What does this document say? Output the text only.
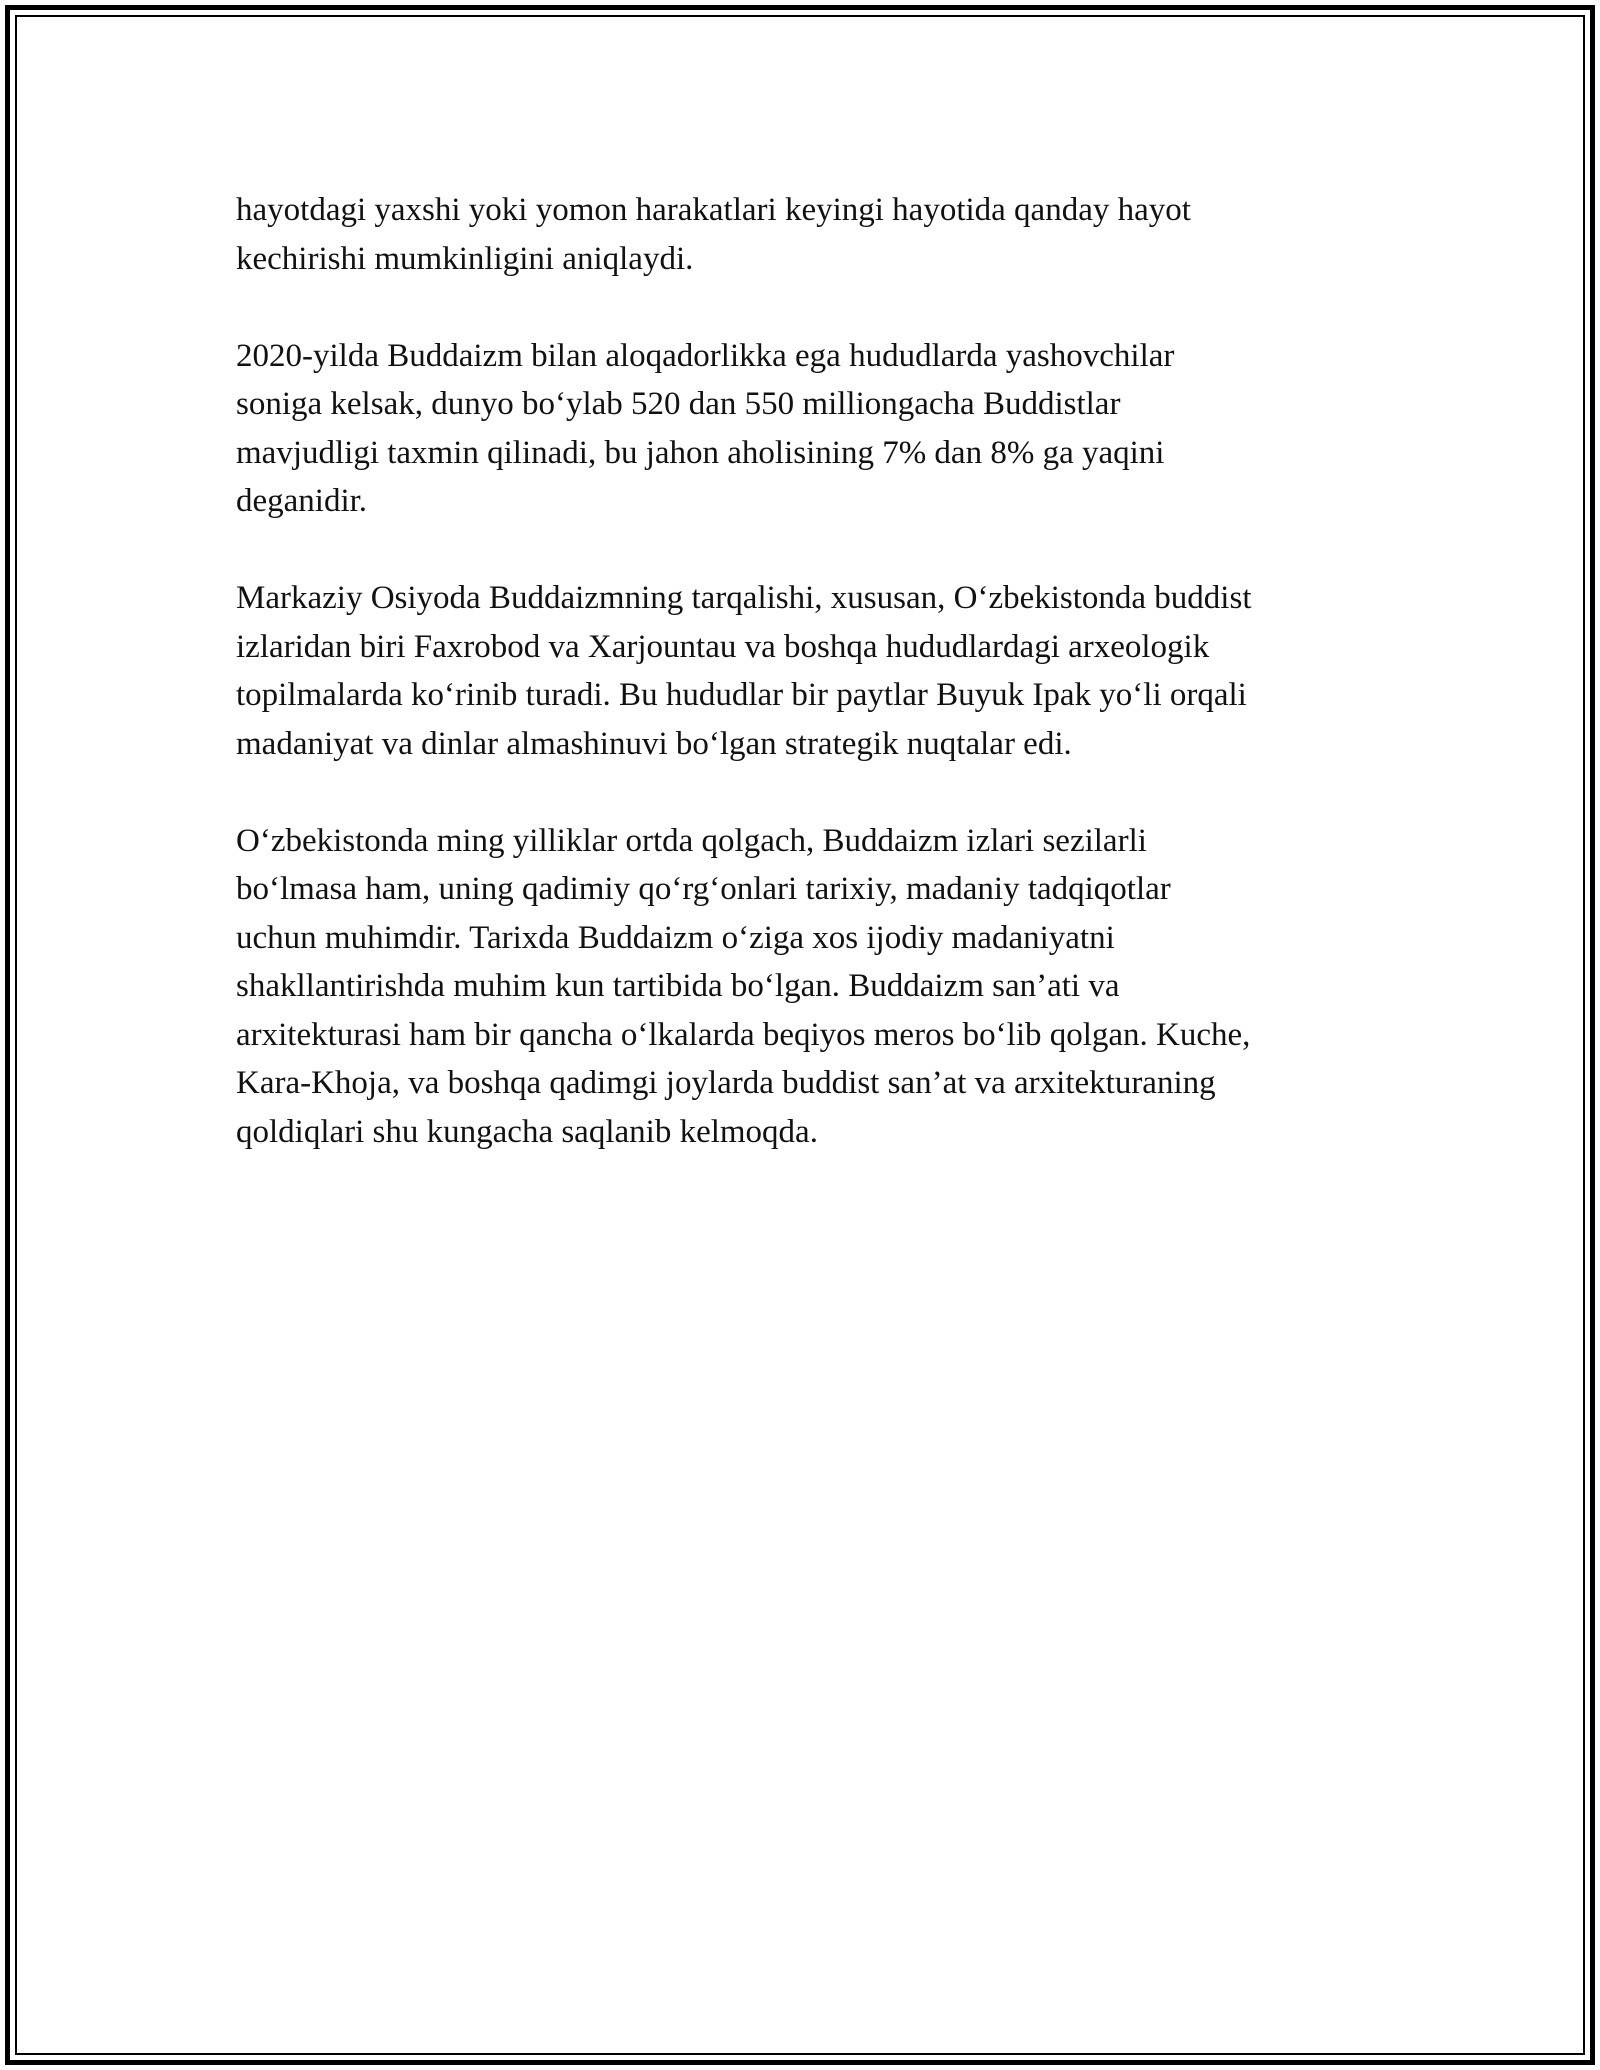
hayotdagi yaxshi yoki yomon harakatlari keyingi hayotida qanday hayot
kechirishi mumkinligini aniqlaydi.

2020-yilda Buddaizm bilan aloqadorlikka ega hududlarda yashovchilar
soniga kelsak, dunyo bo‘ylab 520 dan 550 milliongacha Buddistlar
mavjudligi taxmin qilinadi, bu jahon aholisining 7% dan 8% ga yaqini
deganidir.

Markaziy Osiyoda Buddaizmning tarqalishi, xususan, O‘zbekistonda buddist
izlaridan biri Faxrobod va Xarjountau va boshqa hududlardagi arxeologik
topilmalarda ko‘rinib turadi. Bu hududlar bir paytlar Buyuk Ipak yo‘li orqali
madaniyat va dinlar almashinuvi bo‘lgan strategik nuqtalar edi.

O‘zbekistonda ming yilliklar ortda qolgach, Buddaizm izlari sezilarli
bo‘lmasa ham, uning qadimiy qo‘rg‘onlari tarixiy, madaniy tadqiqotlar
uchun muhimdir. Tarixda Buddaizm o‘ziga xos ijodiy madaniyatni
shakllantirishda muhim kun tartibida bo‘lgan. Buddaizm san’ati va
arxitekturasi ham bir qancha o‘lkalarda beqiyos meros bo‘lib qolgan. Kuche,
Kara-Khoja, va boshqa qadimgi joylarda buddist san’at va arxitekturaning
qoldiqlari shu kungacha saqlanib kelmoqda.
